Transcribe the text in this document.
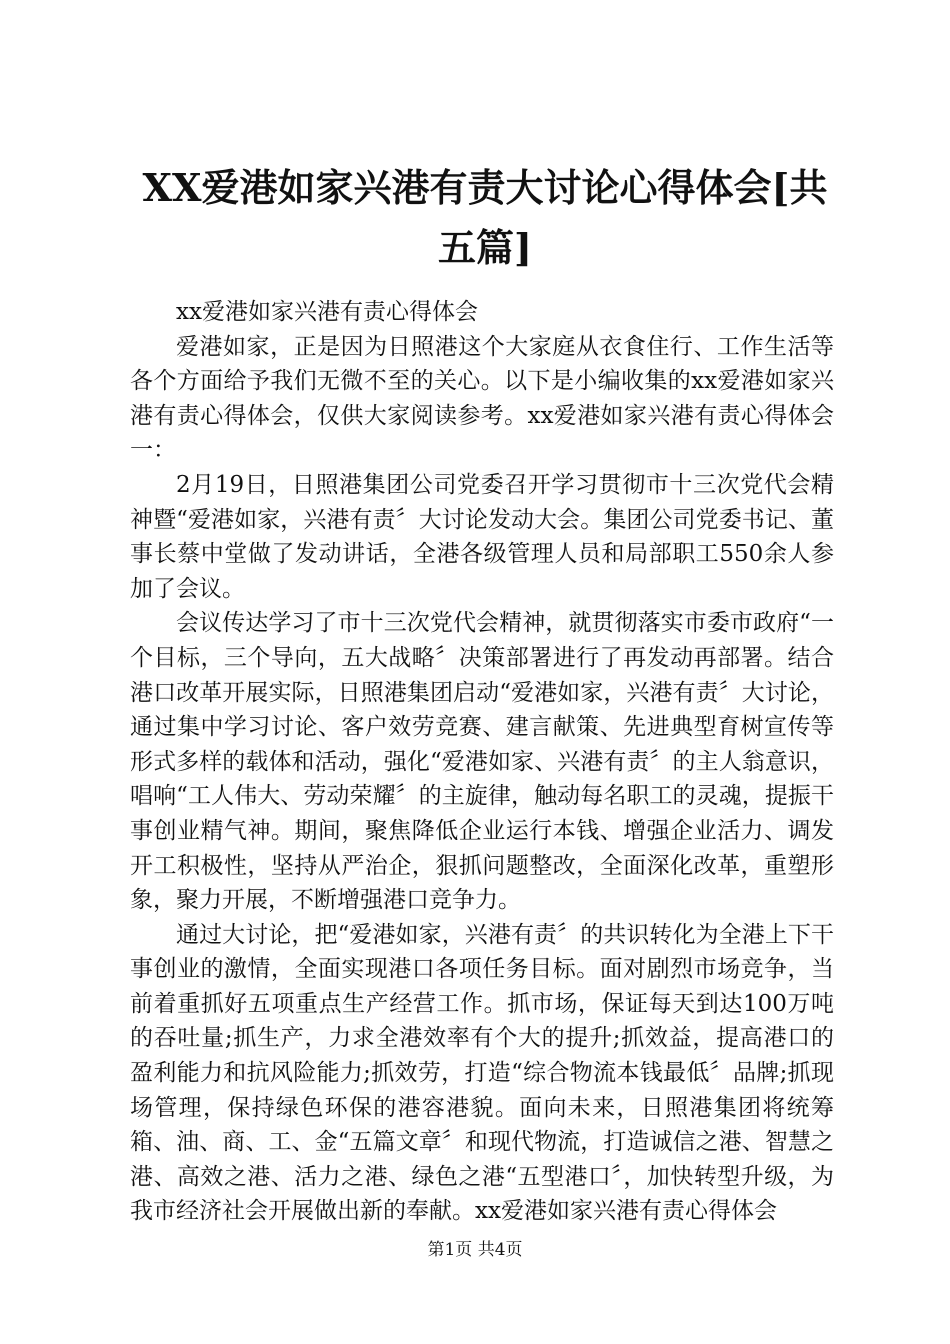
XX爱港如家兴港有责大讨论心得体会[共五篇]

xx爱港如家兴港有责心得体会

爱港如家，正是因为日照港这个大家庭从衣食住行、工作生活等各个方面给予我们无微不至的关心。以下是小编收集的xx爱港如家兴港有责心得体会，仅供大家阅读参考。xx爱港如家兴港有责心得体会一：

2月19日，日照港集团公司党委召开学习贯彻市十三次党代会精神暨“爱港如家，兴港有责〞大讨论发动大会。集团公司党委书记、董事长蔡中堂做了发动讲话，全港各级管理人员和局部职工550余人参加了会议。

会议传达学习了市十三次党代会精神，就贯彻落实市委市政府“一个目标，三个导向，五大战略〞决策部署进行了再发动再部署。结合港口改革开展实际，日照港集团启动“爱港如家，兴港有责〞大讨论，通过集中学习讨论、客户效劳竞赛、建言献策、先进典型育树宣传等形式多样的载体和活动，强化“爱港如家、兴港有责〞的主人翁意识，唱响“工人伟大、劳动荣耀〞的主旋律，触动每名职工的灵魂，提振干事创业精气神。期间，聚焦降低企业运行本钱、增强企业活力、调发开工积极性，坚持从严治企，狠抓问题整改，全面深化改革，重塑形象，聚力开展，不断增强港口竞争力。

通过大讨论，把“爱港如家，兴港有责〞的共识转化为全港上下干事创业的激情，全面实现港口各项任务目标。面对剧烈市场竞争，当前着重抓好五项重点生产经营工作。抓市场，保证每天到达100万吨的吞吐量;抓生产，力求全港效率有个大的提升;抓效益，提高港口的盈利能力和抗风险能力;抓效劳，打造“综合物流本钱最低〞品牌;抓现场管理，保持绿色环保的港容港貌。面向未来，日照港集团将统筹箱、油、商、工、金“五篇文章〞和现代物流，打造诚信之港、智慧之港、高效之港、活力之港、绿色之港“五型港口〞，加快转型升级，为我市经济社会开展做出新的奉献。xx爱港如家兴港有责心得体会

第1页 共4页
